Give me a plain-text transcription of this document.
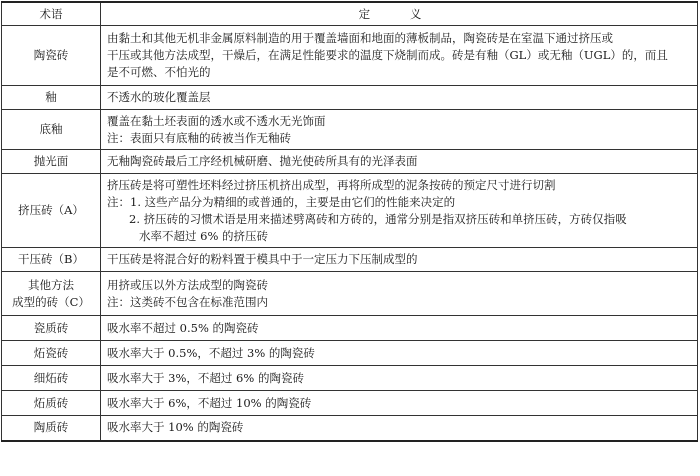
术语	定 义

陶瓷砖	由黏土和其他无机非金属原料制造的用于覆盖墙面和地面的薄板制品，陶瓷砖是在室温下通过挤压或
干压或其他方法成型，干燥后，在满足性能要求的温度下烧制而成。砖是有釉（GL）或无釉（UGL）的，而且
是不可燃、不怕光的

釉	不透水的玻化覆盖层

底釉	覆盖在黏土坯表面的透水或不透水无光饰面
注：表面只有底釉的砖被当作无釉砖

抛光面	无釉陶瓷砖最后工序经机械研磨、抛光使砖所具有的光泽表面

挤压砖（A）	挤压砖是将可塑性坯料经过挤压机挤出成型，再将所成型的泥条按砖的预定尺寸进行切割
注：1. 这些产品分为精细的或普通的，主要是由它们的性能来决定的
2. 挤压砖的习惯术语是用来描述劈离砖和方砖的，通常分别是指双挤压砖和单挤压砖，方砖仅指吸
水率不超过 6% 的挤压砖

干压砖（B）	干压砖是将混合好的粉料置于模具中于一定压力下压制成型的

其他方法
成型的砖（C）	用挤或压以外方法成型的陶瓷砖
注：这类砖不包含在标准范围内

瓷质砖	吸水率不超过 0.5% 的陶瓷砖

炻瓷砖	吸水率大于 0.5%，不超过 3% 的陶瓷砖

细炻砖	吸水率大于 3%，不超过 6% 的陶瓷砖

炻质砖	吸水率大于 6%，不超过 10% 的陶瓷砖

陶质砖	吸水率大于 10% 的陶瓷砖
